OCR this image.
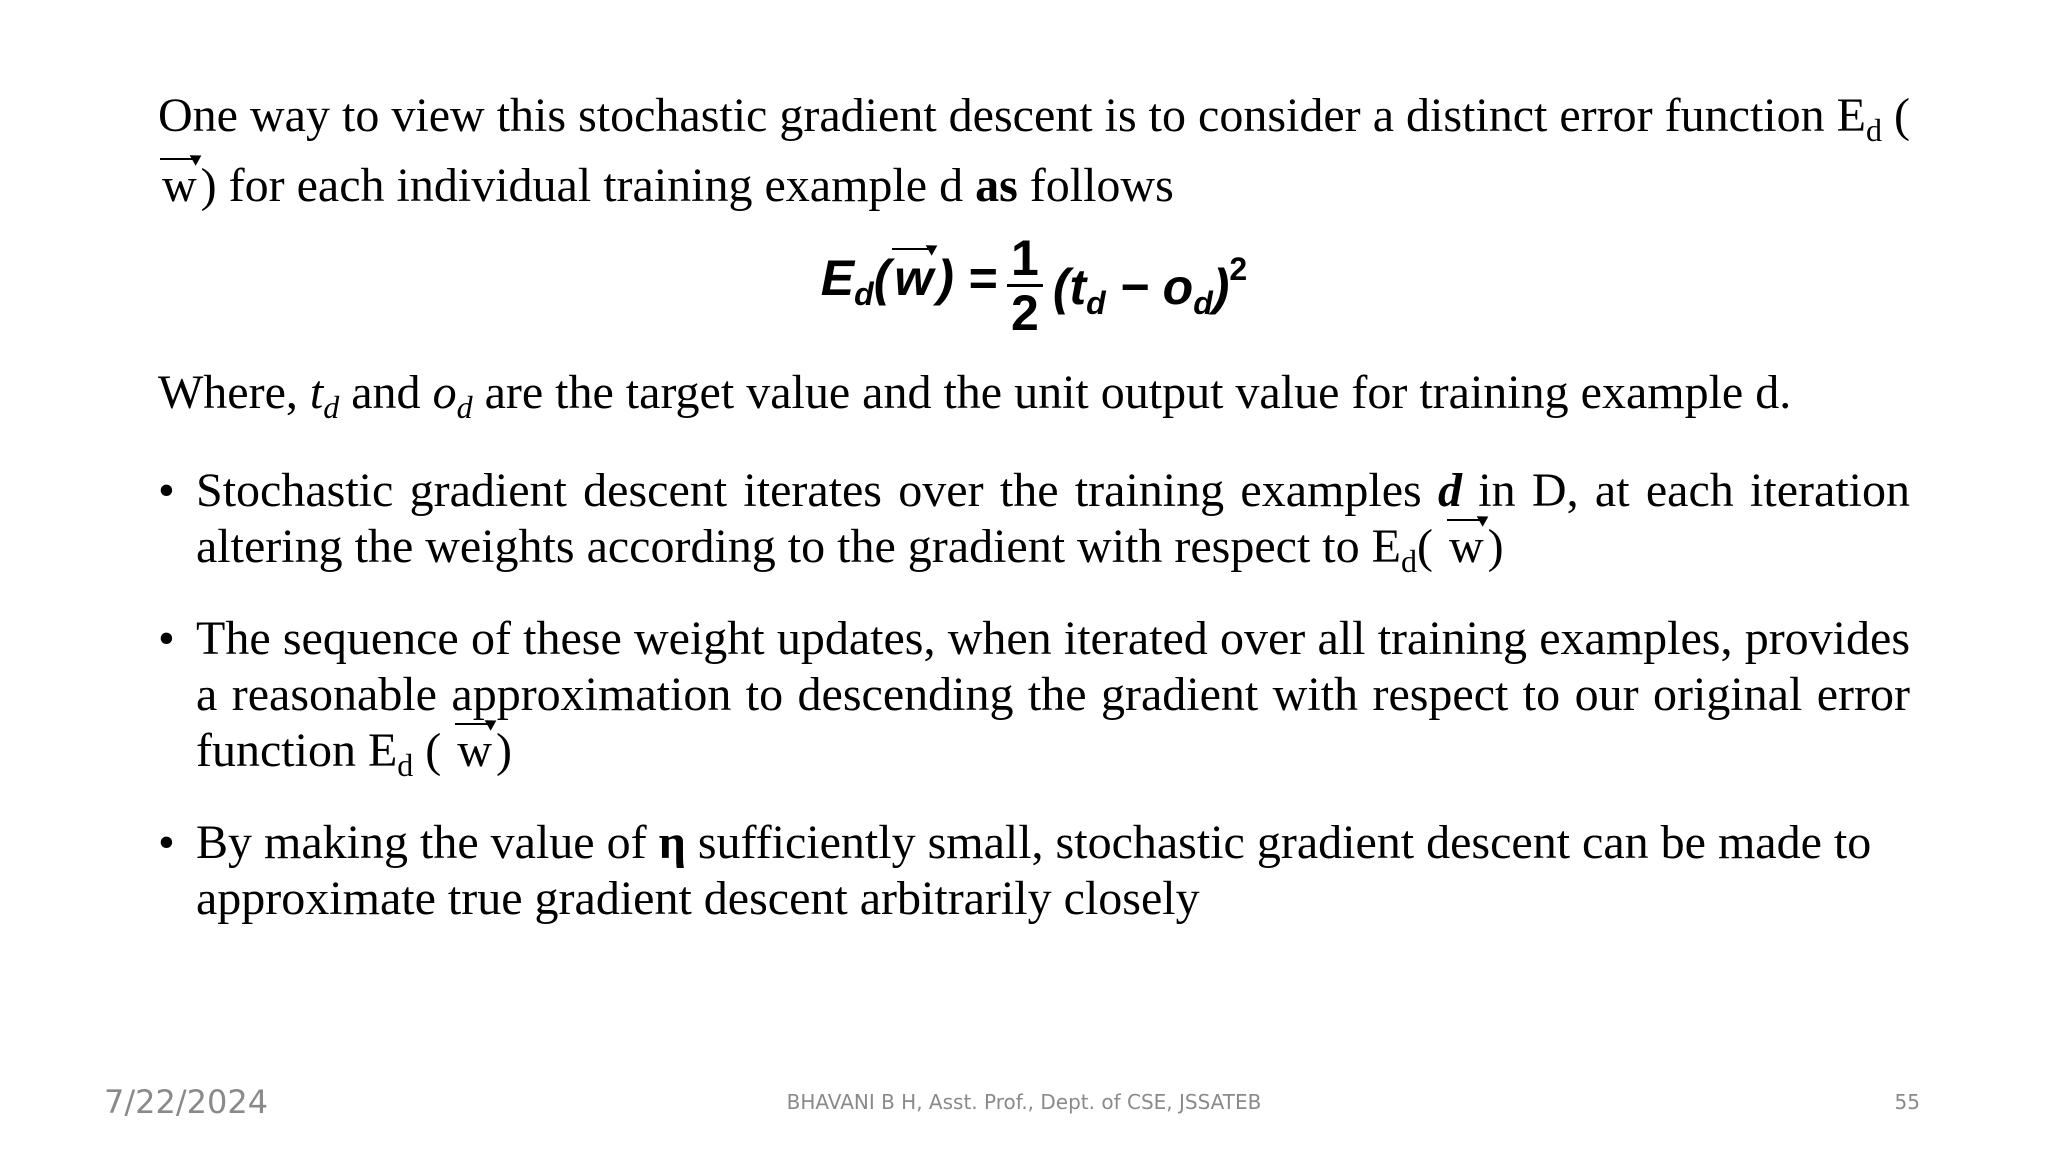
One way to view this stochastic gradient descent is to consider a distinct error function $E_d$ (
w) for each individual training example d as follows

$E_d$(
$w) = \frac{1}{2} (t_d - o_d)^2$

Where, $t_d$ and $o_d$ are the target value and the unit output value for training example d.

• Stochastic gradient descent iterates over the training examples d in D, at each iteration altering the weights according to the gradient with respect to $E_d$(
w)
• The sequence of these weight updates, when iterated over all training examples, provides a reasonable approximation to descending the gradient with respect to our original error function $E_d$ (
w)
• By making the value of η sufficiently small, stochastic gradient descent can be made to approximate true gradient descent arbitrarily closely
7/22/2024	BHAVANI B H, Asst. Prof., Dept. of CSE, JSSATEB	55
